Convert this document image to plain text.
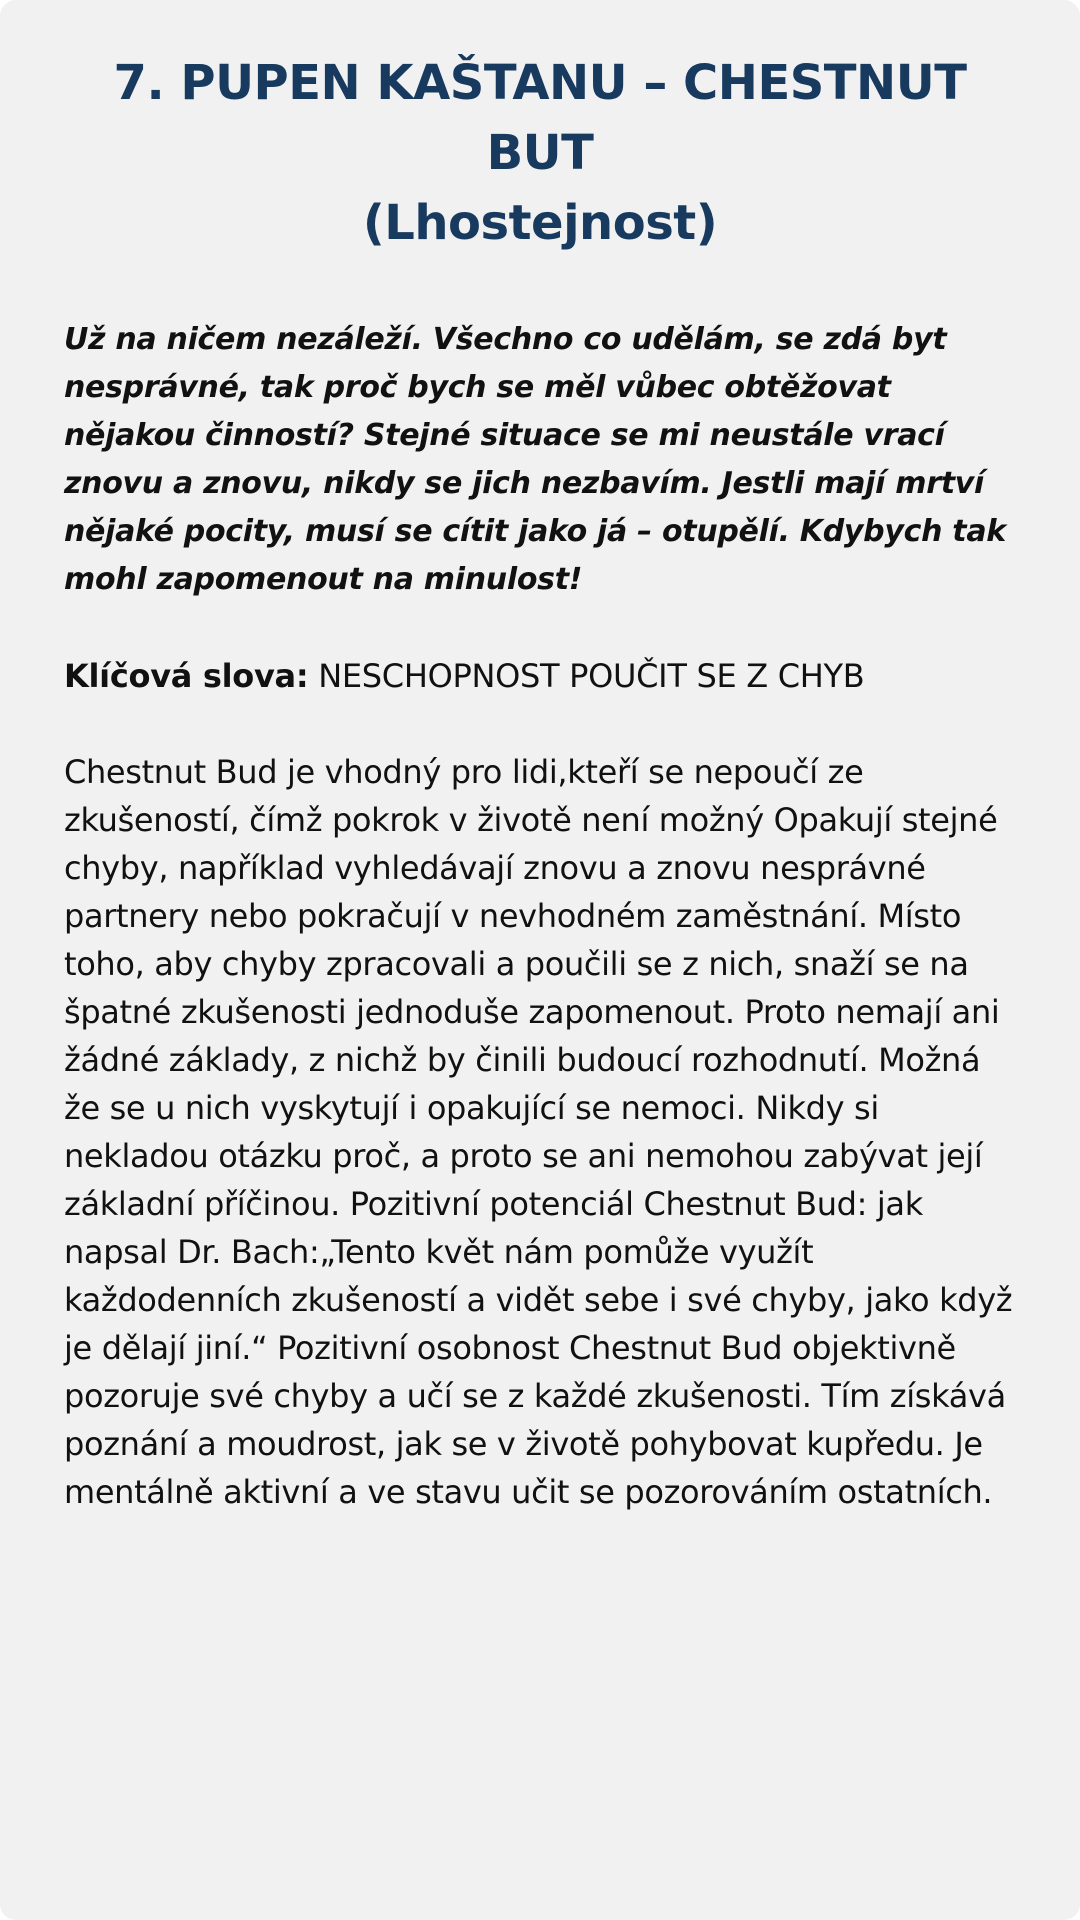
7. PUPEN KAŠTANU – CHESTNUT BUT
(Lhostejnost)

Už na ničem nezáleží. Všechno co udělám, se zdá byt nesprávné, tak proč bych se měl vůbec obtěžovat nějakou činností? Stejné situace se mi neustále vrací znovu a znovu, nikdy se jich nezbavím. Jestli mají mrtví nějaké pocity, musí se cítit jako já – otupělí. Kdybych tak mohl zapomenout na minulost!

Klíčová slova: NESCHOPNOST POUČIT SE Z CHYB

Chestnut Bud je vhodný pro lidi,kteří se nepoučí ze zkušeností, čímž pokrok v životě není možný Opakují stejné chyby, například vyhledávají znovu a znovu nesprávné partnery nebo pokračují v nevhodném zaměstnání. Místo toho, aby chyby zpracovali a poučili se z nich, snaží se na špatné zkušenosti jednoduše zapomenout. Proto nemají ani žádné základy, z nichž by činili budoucí rozhodnutí. Možná že se u nich vyskytují i opakující se nemoci. Nikdy si nekladou otázku proč, a proto se ani nemohou zabývat její základní příčinou. Pozitivní potenciál Chestnut Bud: jak napsal Dr. Bach:„Tento květ nám pomůže využít každodenních zkušeností a vidět sebe i své chyby, jako když je dělají jiní.“ Pozitivní osobnost Chestnut Bud objektivně pozoruje své chyby a učí se z každé zkušenosti. Tím získává poznání a moudrost, jak se v životě pohybovat kupředu. Je mentálně aktivní a ve stavu učit se pozorováním ostatních.
